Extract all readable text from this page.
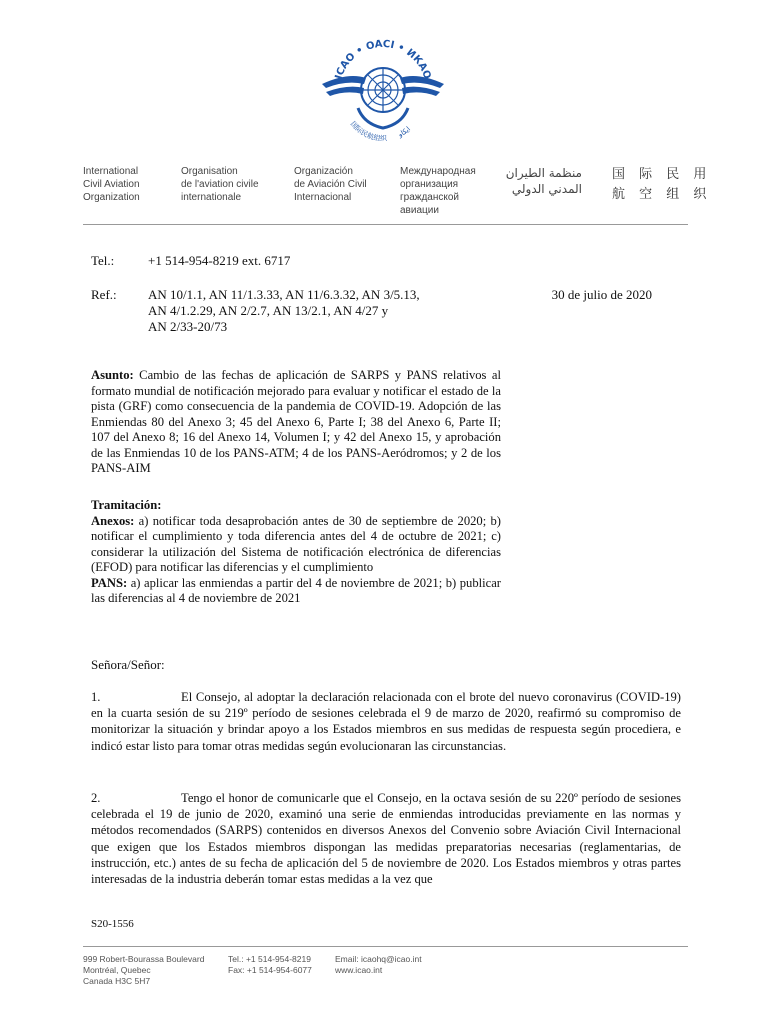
ICAO • OACI • ИКАО
国际民航组织 ايكاو
International
Civil Aviation
Organization
Organisation
de l'aviation civile
internationale
Organización
de Aviación Civil
Internacional
Международная
организация
гражданской
авиации
منظمة الطيران
المدني الدولي
国 际 民 用
航 空 组 织
Tel.:	+1 514-954-8219 ext. 6717
Ref.: AN 10/1.1, AN 11/1.3.33, AN 11/6.3.32, AN 3/5.13,
AN 4/1.2.29, AN 2/2.7, AN 13/2.1, AN 4/27 y
AN 2/33-20/73
30 de julio de 2020
Asunto: Cambio de las fechas de aplicación de SARPS y PANS relativos al formato mundial de notificación mejorado para evaluar y notificar el estado de la pista (GRF) como consecuencia de la pandemia de COVID-19. Adopción de las Enmiendas 80 del Anexo 3; 45 del Anexo 6, Parte I; 38 del Anexo 6, Parte II; 107 del Anexo 8; 16 del Anexo 14, Volumen I; y 42 del Anexo 15, y aprobación de las Enmiendas 10 de los PANS-ATM; 4 de los PANS-Aeródromos; y 2 de los PANS-AIM
Tramitación:
Anexos: a) notificar toda desaprobación antes de 30 de septiembre de 2020; b) notificar el cumplimiento y toda diferencia antes del 4 de octubre de 2021; c) considerar la utilización del Sistema de notificación electrónica de diferencias (EFOD) para notificar las diferencias y el cumplimiento
PANS: a) aplicar las enmiendas a partir del 4 de noviembre de 2021; b) publicar las diferencias al 4 de noviembre de 2021
Señora/Señor:
1.	El Consejo, al adoptar la declaración relacionada con el brote del nuevo coronavirus (COVID-19) en la cuarta sesión de su 219º período de sesiones celebrada el 9 de marzo de 2020, reafirmó su compromiso de monitorizar la situación y brindar apoyo a los Estados miembros en sus medidas de respuesta según procediera, e indicó estar listo para tomar otras medidas según evolucionaran las circunstancias.
2.	Tengo el honor de comunicarle que el Consejo, en la octava sesión de su 220º período de sesiones celebrada el 19 de junio de 2020, examinó una serie de enmiendas introducidas previamente en las normas y métodos recomendados (SARPS) contenidos en diversos Anexos del Convenio sobre Aviación Civil Internacional que exigen que los Estados miembros dispongan las medidas preparatorias necesarias (reglamentarias, de instrucción, etc.) antes de su fecha de aplicación del 5 de noviembre de 2020. Los Estados miembros y otras partes interesadas de la industria deberán tomar estas medidas a la vez que
S20-1556
999 Robert-Bourassa Boulevard
Montréal, Quebec
Canada H3C 5H7
Tel.: +1 514-954-8219
Fax: +1 514-954-6077
Email: icaohq@icao.int
www.icao.int
